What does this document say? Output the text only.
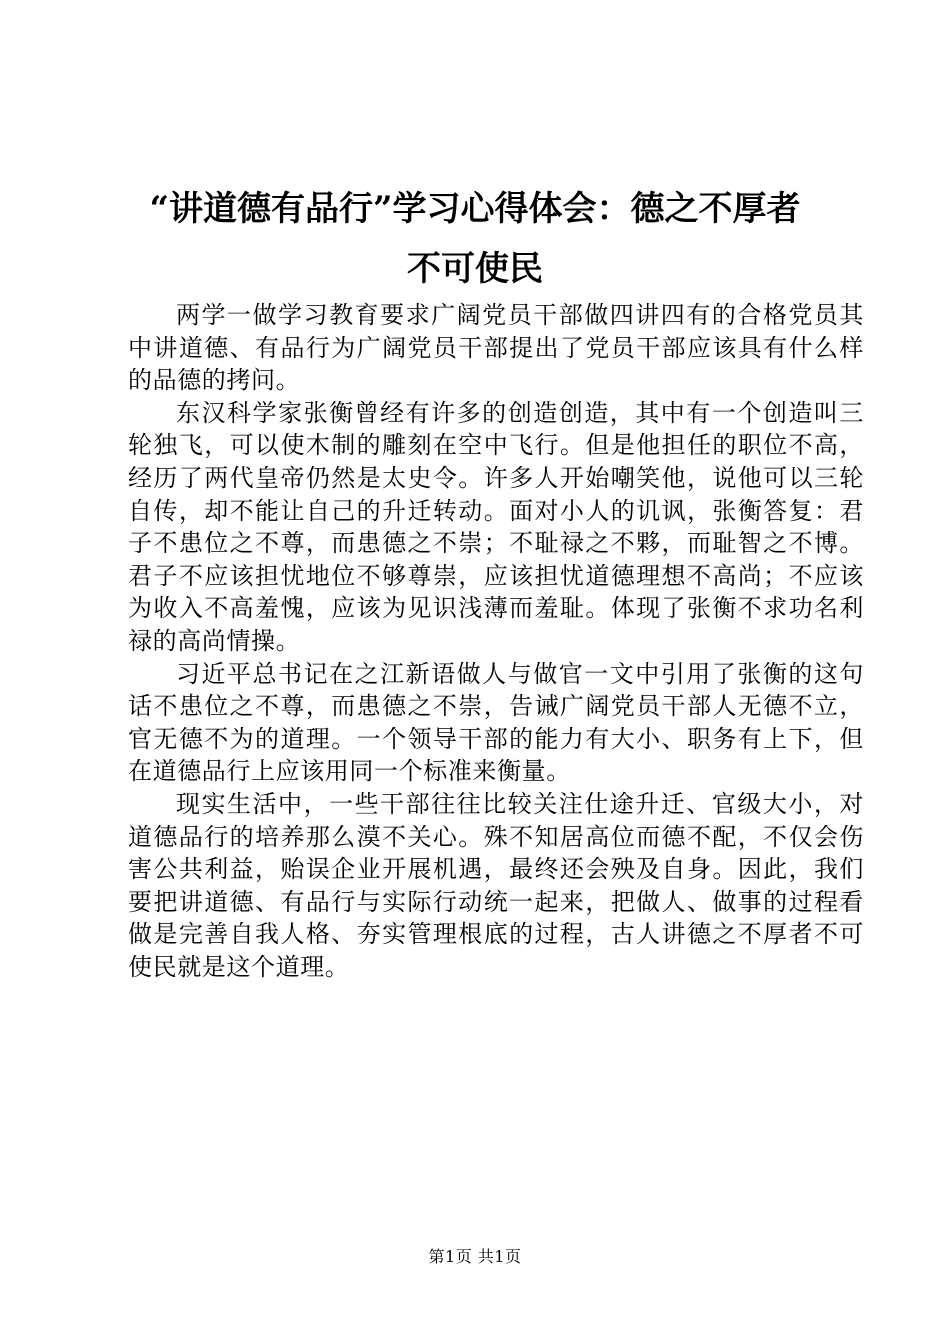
“讲道德有品行”学习心得体会：德之不厚者
不可使民

两学一做学习教育要求广阔党员干部做四讲四有的合格党员其中讲道德、有品行为广阔党员干部提出了党员干部应该具有什么样的品德的拷问。

东汉科学家张衡曾经有许多的创造创造，其中有一个创造叫三轮独飞，可以使木制的雕刻在空中飞行。但是他担任的职位不高，经历了两代皇帝仍然是太史令。许多人开始嘲笑他，说他可以三轮自传，却不能让自己的升迁转动。面对小人的讥讽，张衡答复：君子不患位之不尊，而患德之不崇；不耻禄之不夥，而耻智之不博。君子不应该担忧地位不够尊崇，应该担忧道德理想不高尚；不应该为收入不高羞愧，应该为见识浅薄而羞耻。体现了张衡不求功名利禄的高尚情操。

习近平总书记在之江新语做人与做官一文中引用了张衡的这句话不患位之不尊，而患德之不崇，告诫广阔党员干部人无德不立，官无德不为的道理。一个领导干部的能力有大小、职务有上下，但在道德品行上应该用同一个标准来衡量。

现实生活中，一些干部往往比较关注仕途升迁、官级大小，对道德品行的培养那么漠不关心。殊不知居高位而德不配，不仅会伤害公共利益，贻误企业开展机遇，最终还会殃及自身。因此，我们要把讲道德、有品行与实际行动统一起来，把做人、做事的过程看做是完善自我人格、夯实管理根底的过程，古人讲德之不厚者不可使民就是这个道理。

第1页 共1页
